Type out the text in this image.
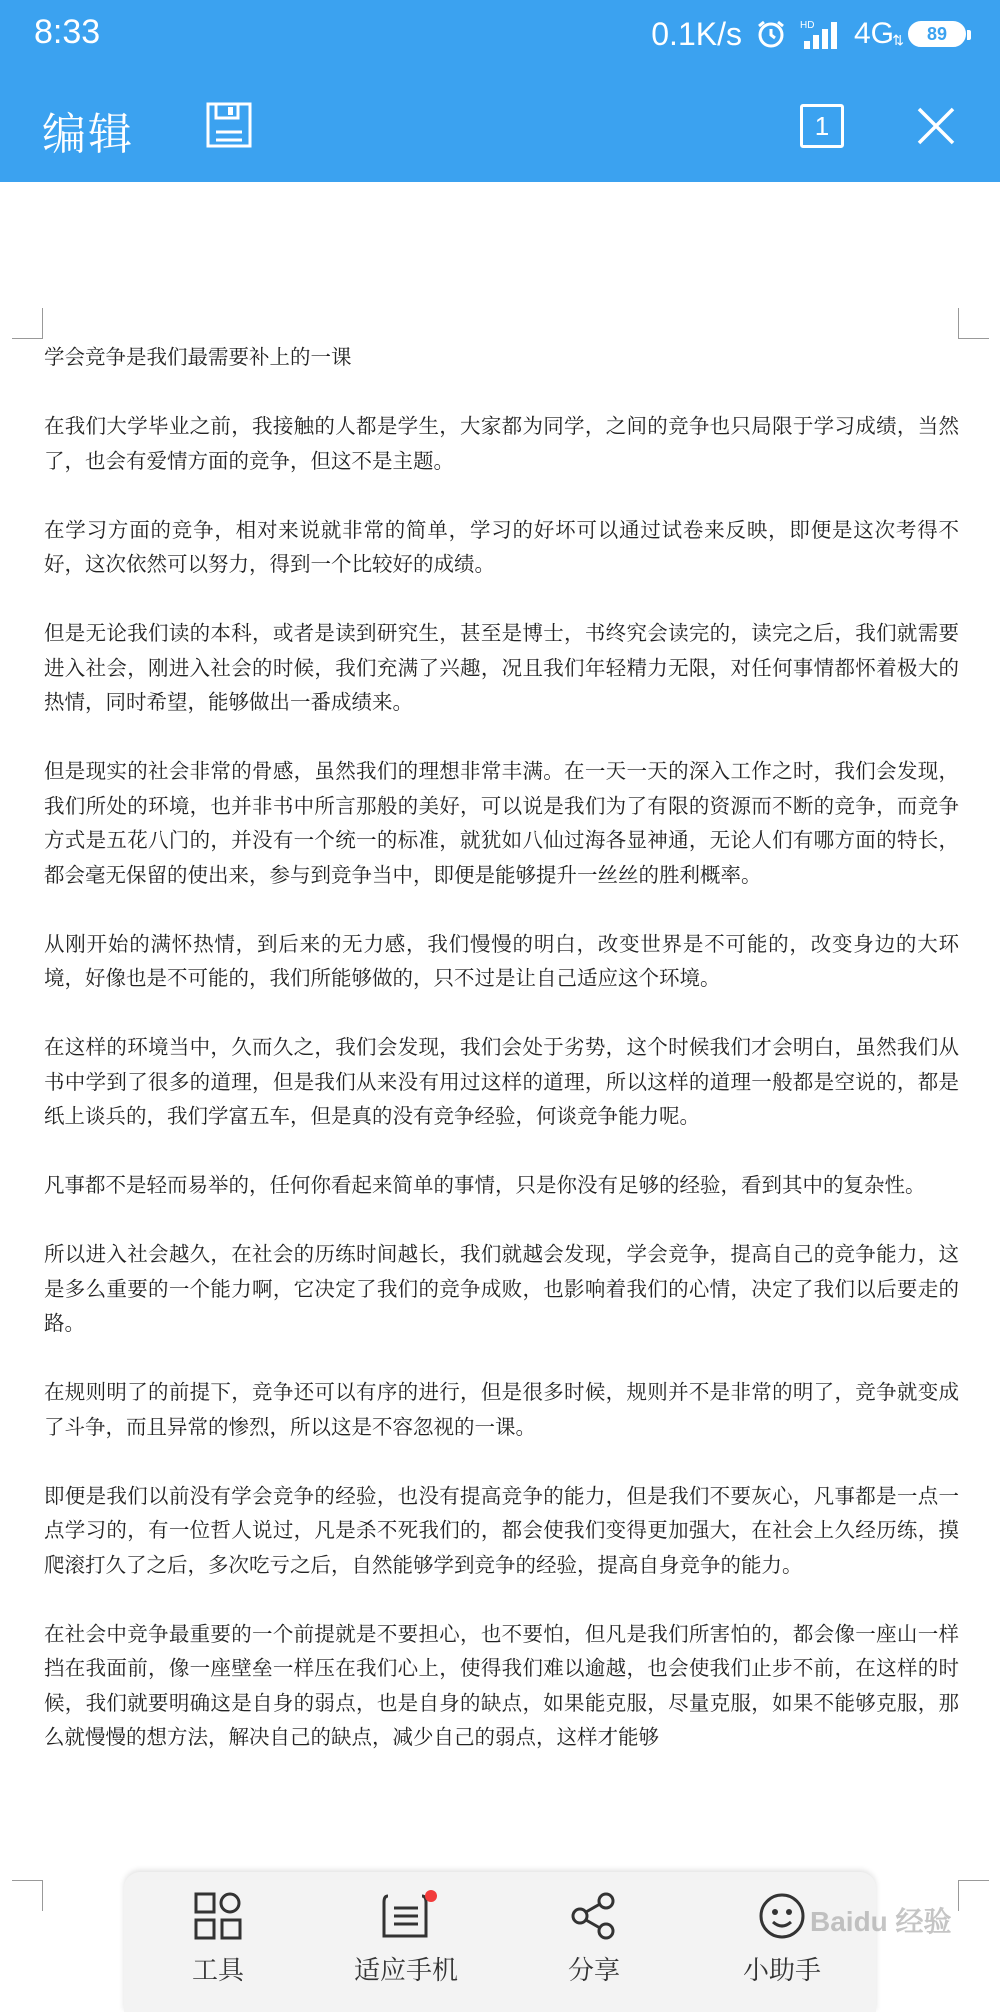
8:33	0.1K/s	HD 4G
⇅ 89
编辑	1

学会竞争是我们最需要补上的一课

在我们大学毕业之前，我接触的人都是学生，大家都为同学，之间的竞争也只局限于学习成绩，当然了，也会有爱情方面的竞争，但这不是主题。

在学习方面的竞争，相对来说就非常的简单，学习的好坏可以通过试卷来反映，即便是这次考得不好，这次依然可以努力，得到一个比较好的成绩。

但是无论我们读的本科，或者是读到研究生，甚至是博士，书终究会读完的，读完之后，我们就需要进入社会，刚进入社会的时候，我们充满了兴趣，况且我们年轻精力无限，对任何事情都怀着极大的热情，同时希望，能够做出一番成绩来。

但是现实的社会非常的骨感，虽然我们的理想非常丰满。在一天一天的深入工作之时，我们会发现，我们所处的环境，也并非书中所言那般的美好，可以说是我们为了有限的资源而不断的竞争，而竞争方式是五花八门的，并没有一个统一的标准，就犹如八仙过海各显神通，无论人们有哪方面的特长，都会毫无保留的使出来，参与到竞争当中，即便是能够提升一丝丝的胜利概率。

从刚开始的满怀热情，到后来的无力感，我们慢慢的明白，改变世界是不可能的，改变身边的大环境，好像也是不可能的，我们所能够做的，只不过是让自己适应这个环境。

在这样的环境当中，久而久之，我们会发现，我们会处于劣势，这个时候我们才会明白，虽然我们从书中学到了很多的道理，但是我们从来没有用过这样的道理，所以这样的道理一般都是空说的，都是纸上谈兵的，我们学富五车，但是真的没有竞争经验，何谈竞争能力呢。

凡事都不是轻而易举的，任何你看起来简单的事情，只是你没有足够的经验，看到其中的复杂性。

所以进入社会越久，在社会的历练时间越长，我们就越会发现，学会竞争，提高自己的竞争能力，这是多么重要的一个能力啊，它决定了我们的竞争成败，也影响着我们的心情，决定了我们以后要走的路。

在规则明了的前提下，竞争还可以有序的进行，但是很多时候，规则并不是非常的明了，竞争就变成了斗争，而且异常的惨烈，所以这是不容忽视的一课。

即便是我们以前没有学会竞争的经验，也没有提高竞争的能力，但是我们不要灰心，凡事都是一点一点学习的，有一位哲人说过，凡是杀不死我们的，都会使我们变得更加强大，在社会上久经历练，摸爬滚打久了之后，多次吃亏之后，自然能够学到竞争的经验，提高自身竞争的能力。

在社会中竞争最重要的一个前提就是不要担心，也不要怕，但凡是我们所害怕的，都会像一座山一样挡在我面前，像一座壁垒一样压在我们心上，使得我们难以逾越，也会使我们止步不前，在这样的时候，我们就要明确这是自身的弱点，也是自身的缺点，如果能克服，尽量克服，如果不能够克服，那么就慢慢的想方法，解决自己的缺点，减少自己的弱点，这样才能够

工具	适应手机	分享	小助手
Baidu 经验
